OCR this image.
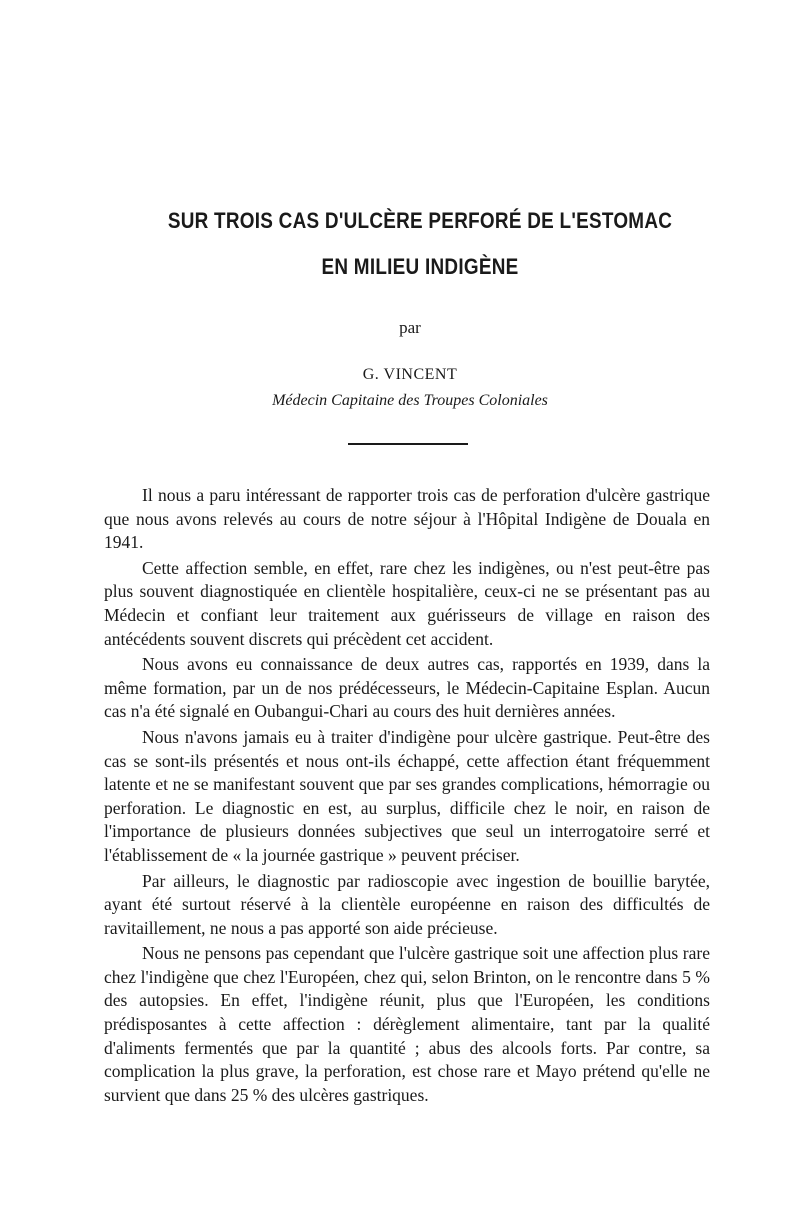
SUR TROIS CAS D'ULCÈRE PERFORÉ DE L'ESTOMAC
EN MILIEU INDIGÈNE
par
G. VINCENT
Médecin Capitaine des Troupes Coloniales

Il nous a paru intéressant de rapporter trois cas de perforation d'ulcère gastrique que nous avons relevés au cours de notre séjour à l'Hôpital Indigène de Douala en 1941.

Cette affection semble, en effet, rare chez les indigènes, ou n'est peut-être pas plus souvent diagnostiquée en clientèle hospitalière, ceux-ci ne se présentant pas au Médecin et confiant leur traitement aux guérisseurs de village en raison des antécédents souvent discrets qui précèdent cet accident.

Nous avons eu connaissance de deux autres cas, rapportés en 1939, dans la même formation, par un de nos prédécesseurs, le Médecin-Capitaine Esplan. Aucun cas n'a été signalé en Oubangui-Chari au cours des huit dernières années.

Nous n'avons jamais eu à traiter d'indigène pour ulcère gastrique. Peut-être des cas se sont-ils présentés et nous ont-ils échappé, cette affection étant fréquemment latente et ne se manifestant souvent que par ses grandes complications, hémorragie ou perforation. Le diagnostic en est, au surplus, difficile chez le noir, en raison de l'importance de plusieurs données subjectives que seul un interrogatoire serré et l'établissement de « la journée gastrique » peuvent préciser.

Par ailleurs, le diagnostic par radioscopie avec ingestion de bouillie barytée, ayant été surtout réservé à la clientèle européenne en raison des difficultés de ravitaillement, ne nous a pas apporté son aide précieuse.

Nous ne pensons pas cependant que l'ulcère gastrique soit une affection plus rare chez l'indigène que chez l'Européen, chez qui, selon Brinton, on le rencontre dans 5 % des autopsies. En effet, l'indigène réunit, plus que l'Européen, les conditions prédisposantes à cette affection : dérèglement alimentaire, tant par la qualité d'aliments fermentés que par la quantité ; abus des alcools forts. Par contre, sa complication la plus grave, la perforation, est chose rare et Mayo prétend qu'elle ne survient que dans 25 % des ulcères gastriques.
